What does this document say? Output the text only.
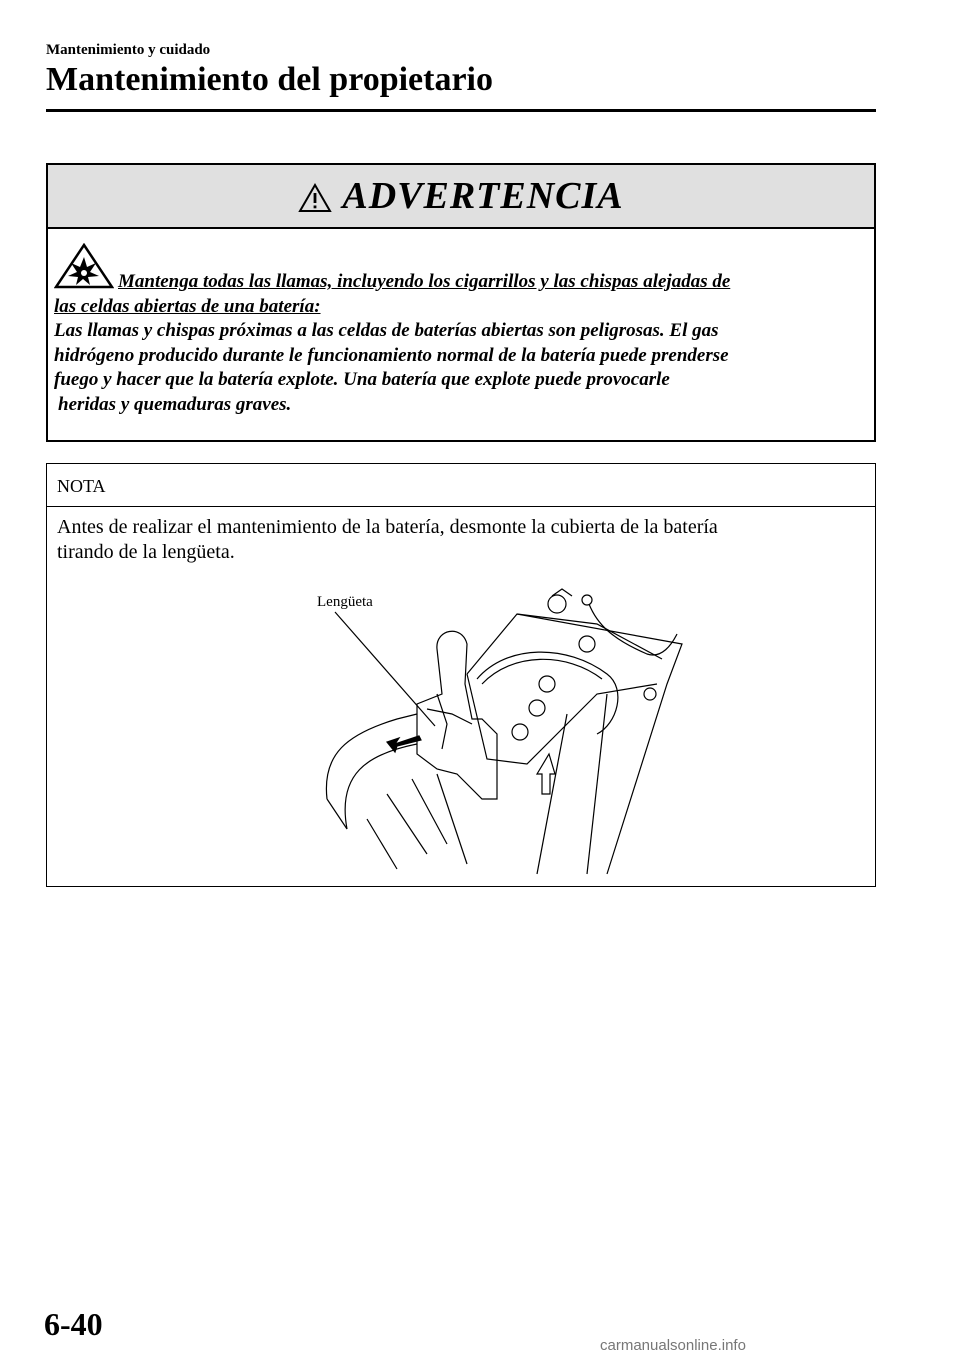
Mantenimiento y cuidado
Mantenimiento del propietario
ADVERTENCIA

Mantenga todas las llamas, incluyendo los cigarrillos y las chispas alejadas de

las celdas abiertas de una batería:

Las llamas y chispas próximas a las celdas de baterías abiertas son peligrosas. El gas

hidrógeno producido durante le funcionamiento normal de la batería puede prenderse

fuego y hacer que la batería explote. Una batería que explote puede provocarle

heridas y quemaduras graves.

NOTA

Antes de realizar el mantenimiento de la batería, desmonte la cubierta de la batería

tirando de la lengüeta.

Lengüeta
6-40
carmanualsonline.info
